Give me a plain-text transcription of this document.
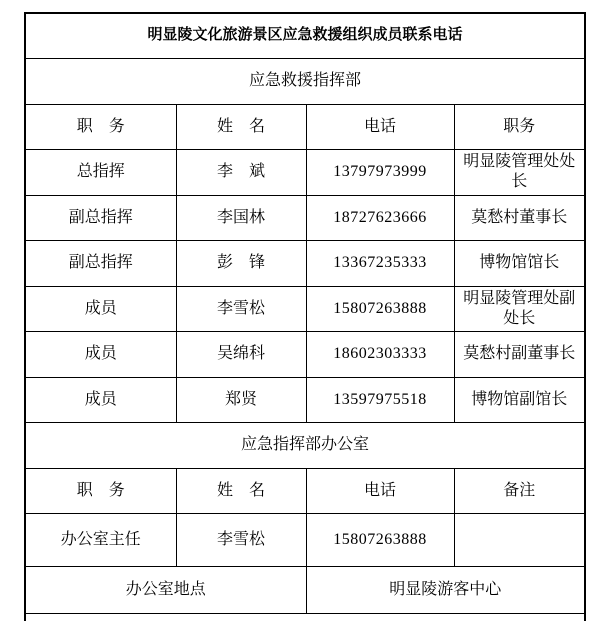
明显陵文化旅游景区应急救援组织成员联系电话			
应急救援指挥部			
职　务	姓　名	电话	职务
总指挥	李　斌	13797973999	明显陵管理处处长
副总指挥	李国林	18727623666	莫愁村董事长
副总指挥	彭　锋	13367235333	博物馆馆长
成员	李雪松	15807263888	明显陵管理处副处长
成员	吴绵科	18602303333	莫愁村副董事长
成员	郑贤	13597975518	博物馆副馆长
应急指挥部办公室			
职　务	姓　名	电话	备注
办公室主任	李雪松	15807263888	
办公室地点		明显陵游客中心	
